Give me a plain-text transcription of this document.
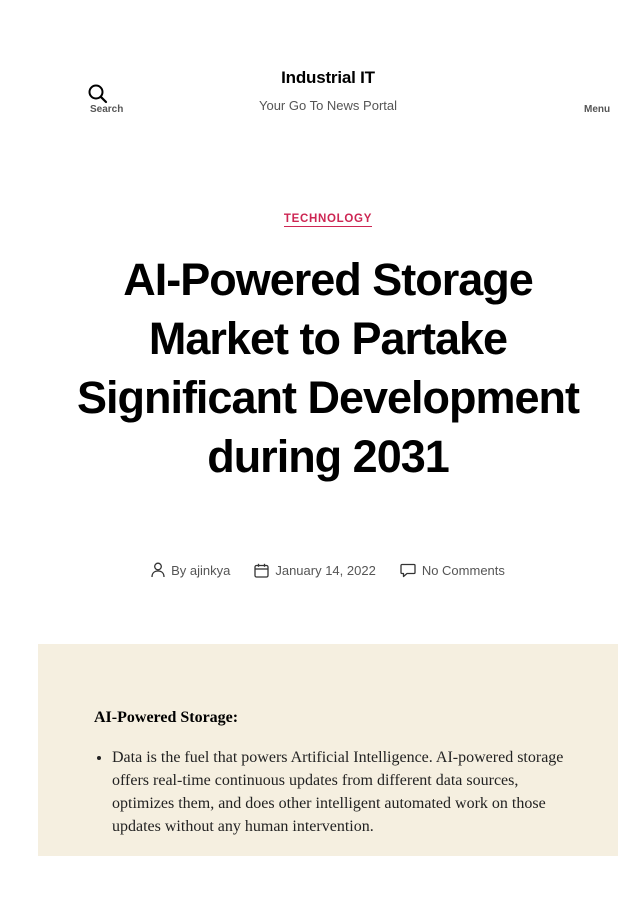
Search
Industrial IT
Your Go To News Portal	Menu
TECHNOLOGY
AI-Powered Storage Market to Partake Significant Development during 2031
By ajinkya	January 14, 2022	No Comments
AI-Powered Storage:
• Data is the fuel that powers Artificial Intelligence. AI-powered storage offers real-time continuous updates from different data sources, optimizes them, and does other intelligent automated work on those updates without any human intervention.
